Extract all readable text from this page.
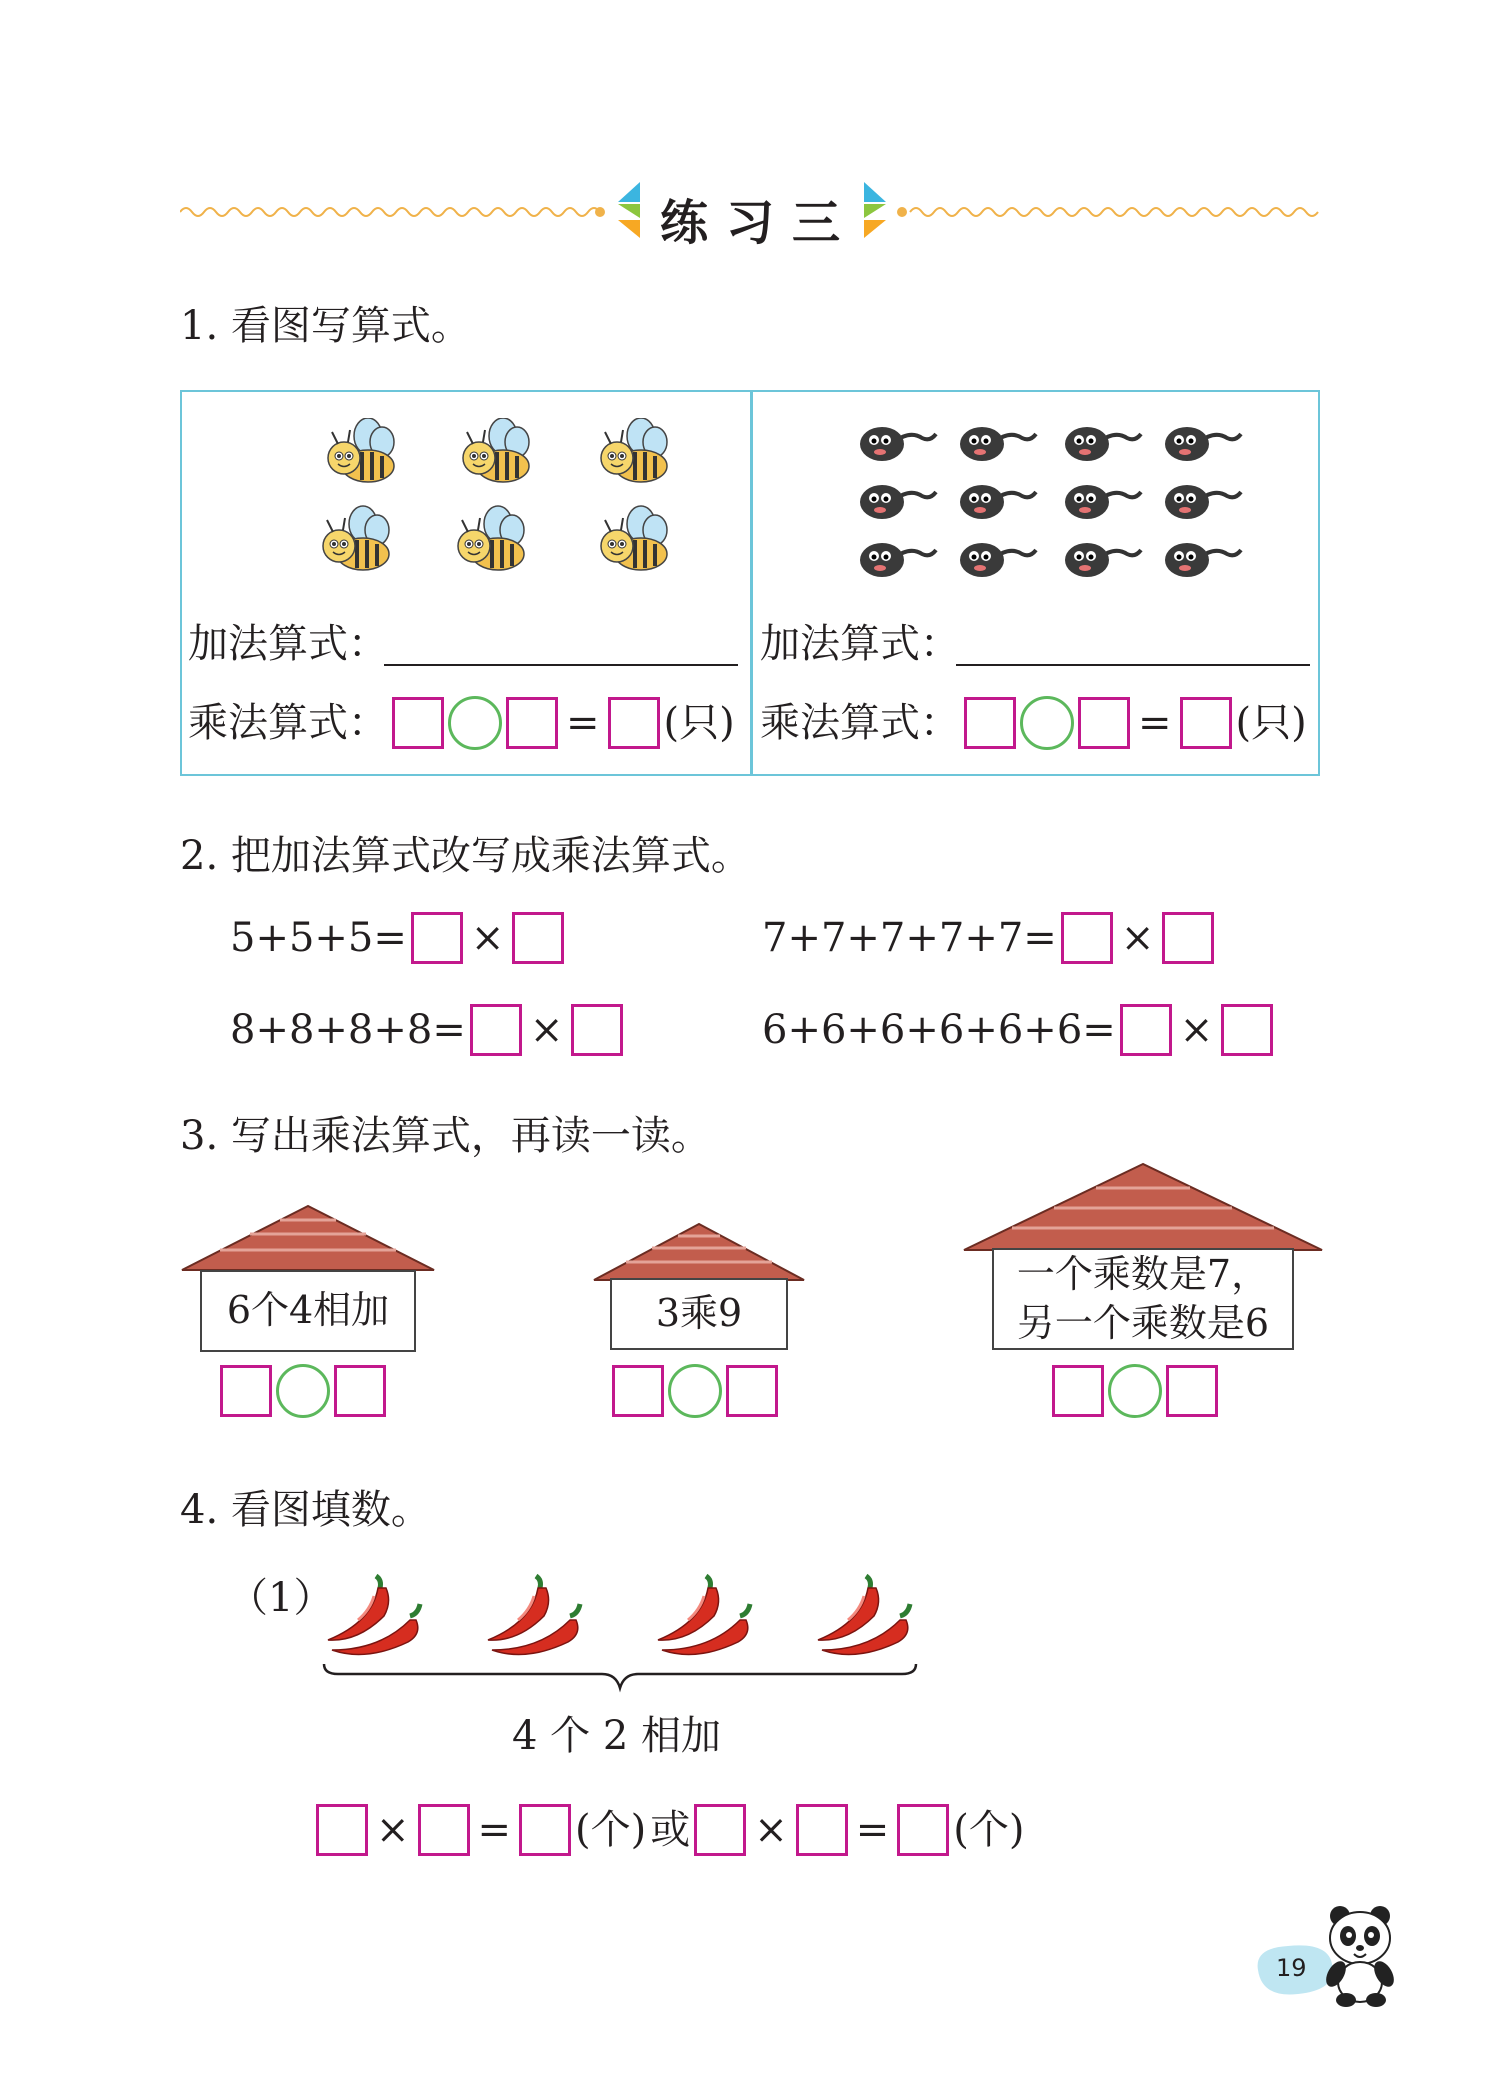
练习三
1. 看图写算式。
加法算式：
乘法算式：	= (只)
加法算式：
乘法算式：	= (只)
2. 把加法算式改写成乘法算式。
5+5+5= ×	7+7+7+7+7= ×
8+8+8+8= ×	6+6+6+6+6+6= ×
3. 写出乘法算式，再读一读。
6个4相加	3乘9
一个乘数是7，
另一个乘数是6
4. 看图填数。
（1）
4 个 2 相加
× = (个) 或 × = (个)
19
